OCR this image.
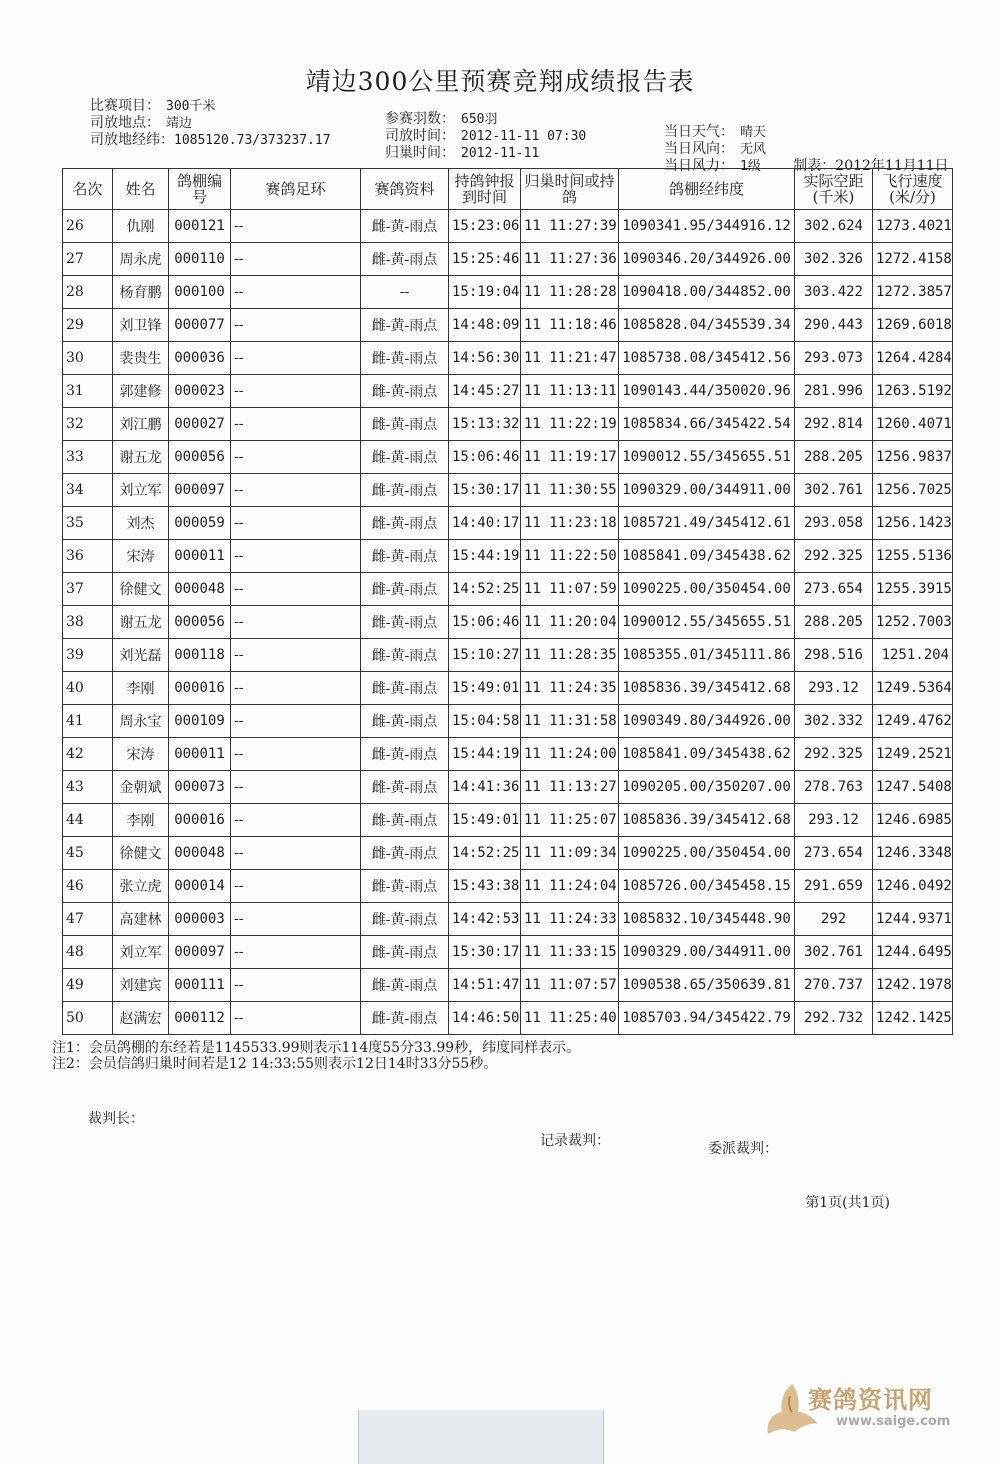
靖边300公里预赛竞翔成绩报告表
比赛项目： 300千米
司放地点： 靖边
司放地经纬：1085120.73/373237.17
参赛羽数： 650羽
司放时间： 2012-11-11 07:30
归巢时间： 2012-11-11
当日天气： 晴天
当日风向： 无风
当日风力： 1级 制表：2012年11月11日
名次	姓名	鸽棚编号	赛鸽足环	赛鸽资料	持鸽钟报到时间	归巢时间或持鸽	鸽棚经纬度	实际空距(千米)	飞行速度(米/分)
26	仇刚	000121	--	雌-黄-雨点	15:23:06	11 11:27:39	1090341.95/344916.12	302.624	1273.4021
27	周永虎	000110	--	雌-黄-雨点	15:25:46	11 11:27:36	1090346.20/344926.00	302.326	1272.4158
28	杨育鹏	000100	--	--	15:19:04	11 11:28:28	1090418.00/344852.00	303.422	1272.3857
29	刘卫锋	000077	--	雌-黄-雨点	14:48:09	11 11:18:46	1085828.04/345539.34	290.443	1269.6018
30	裴贵生	000036	--	雌-黄-雨点	14:56:30	11 11:21:47	1085738.08/345412.56	293.073	1264.4284
31	郭建修	000023	--	雌-黄-雨点	14:45:27	11 11:13:11	1090143.44/350020.96	281.996	1263.5192
32	刘江鹏	000027	--	雌-黄-雨点	15:13:32	11 11:22:19	1085834.66/345422.54	292.814	1260.4071
33	谢五龙	000056	--	雌-黄-雨点	15:06:46	11 11:19:17	1090012.55/345655.51	288.205	1256.9837
34	刘立军	000097	--	雌-黄-雨点	15:30:17	11 11:30:55	1090329.00/344911.00	302.761	1256.7025
35	刘杰	000059	--	雌-黄-雨点	14:40:17	11 11:23:18	1085721.49/345412.61	293.058	1256.1423
36	宋涛	000011	--	雌-黄-雨点	15:44:19	11 11:22:50	1085841.09/345438.62	292.325	1255.5136
37	徐健文	000048	--	雌-黄-雨点	14:52:25	11 11:07:59	1090225.00/350454.00	273.654	1255.3915
38	谢五龙	000056	--	雌-黄-雨点	15:06:46	11 11:20:04	1090012.55/345655.51	288.205	1252.7003
39	刘光磊	000118	--	雌-黄-雨点	15:10:27	11 11:28:35	1085355.01/345111.86	298.516	1251.204
40	李刚	000016	--	雌-黄-雨点	15:49:01	11 11:24:35	1085836.39/345412.68	293.12	1249.5364
41	周永宝	000109	--	雌-黄-雨点	15:04:58	11 11:31:58	1090349.80/344926.00	302.332	1249.4762
42	宋涛	000011	--	雌-黄-雨点	15:44:19	11 11:24:00	1085841.09/345438.62	292.325	1249.2521
43	金朝斌	000073	--	雌-黄-雨点	14:41:36	11 11:13:27	1090205.00/350207.00	278.763	1247.5408
44	李刚	000016	--	雌-黄-雨点	15:49:01	11 11:25:07	1085836.39/345412.68	293.12	1246.6985
45	徐健文	000048	--	雌-黄-雨点	14:52:25	11 11:09:34	1090225.00/350454.00	273.654	1246.3348
46	张立虎	000014	--	雌-黄-雨点	15:43:38	11 11:24:04	1085726.00/345458.15	291.659	1246.0492
47	高建林	000003	--	雌-黄-雨点	14:42:53	11 11:24:33	1085832.10/345448.90	292	1244.9371
48	刘立军	000097	--	雌-黄-雨点	15:30:17	11 11:33:15	1090329.00/344911.00	302.761	1244.6495
49	刘建宾	000111	--	雌-黄-雨点	14:51:47	11 11:07:57	1090538.65/350639.81	270.737	1242.1978
50	赵满宏	000112	--	雌-黄-雨点	14:46:50	11 11:25:40	1085703.94/345422.79	292.732	1242.1425
注1：会员鸽棚的东经若是1145533.99则表示114度55分33.99秒，纬度同样表示。
注2：会员信鸽归巢时间若是12 14:33:55则表示12日14时33分55秒。
裁判长：
记录裁判：	委派裁判：
第1页(共1页)
赛鸽资讯网
www.saige.com
